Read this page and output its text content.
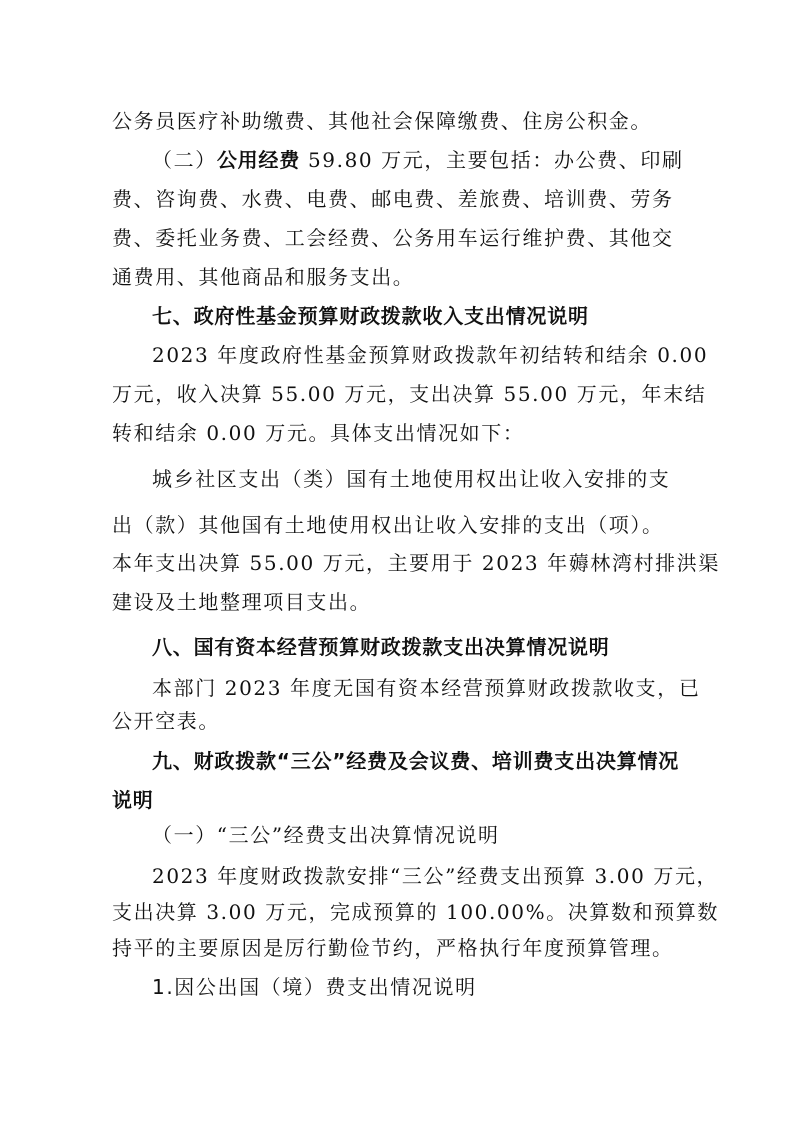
公务员医疗补助缴费、其他社会保障缴费、住房公积金。
（二）公用经费 59.80 万元，主要包括：办公费、印刷
费、咨询费、水费、电费、邮电费、差旅费、培训费、劳务
费、委托业务费、工会经费、公务用车运行维护费、其他交
通费用、其他商品和服务支出。
七、政府性基金预算财政拨款收入支出情况说明
2023 年度政府性基金预算财政拨款年初结转和结余 0.00
万元，收入决算 55.00 万元，支出决算 55.00 万元，年末结
转和结余 0.00 万元。具体支出情况如下：
城乡社区支出（类）国有土地使用权出让收入安排的支
出（款）其他国有土地使用权出让收入安排的支出（项）。
本年支出决算 55.00 万元，主要用于 2023 年薅林湾村排洪渠
建设及土地整理项目支出。
八、国有资本经营预算财政拨款支出决算情况说明
本部门 2023 年度无国有资本经营预算财政拨款收支，已
公开空表。
九、财政拨款“三公”经费及会议费、培训费支出决算情况
说明
（一）“三公”经费支出决算情况说明
2023 年度财政拨款安排“三公”经费支出预算 3.00 万元，
支出决算 3.00 万元，完成预算的 100.00%。决算数和预算数
持平的主要原因是厉行勤俭节约，严格执行年度预算管理。
1.因公出国（境）费支出情况说明
